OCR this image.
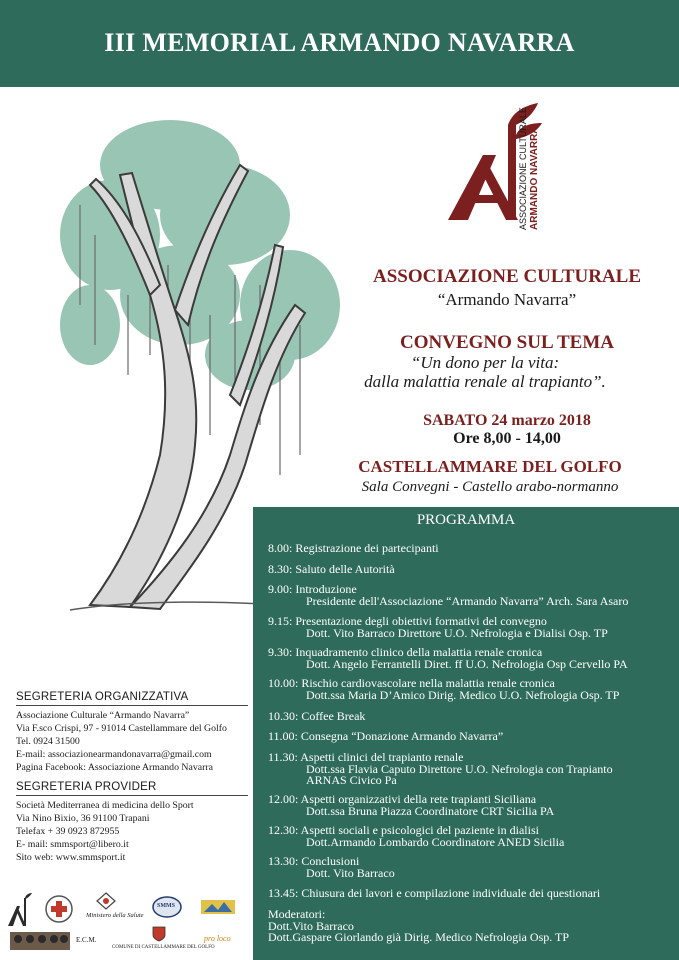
III MEMORIAL ARMANDO NAVARRA
ASSOCIAZIONE CULTURALE ARMANDO NAVARRA
ASSOCIAZIONE CULTURALE
“Armando Navarra”
CONVEGNO SUL TEMA
“Un dono per la vita:
dalla malattia renale al trapianto”.
SABATO 24 marzo 2018
Ore 8,00 - 14,00
CASTELLAMMARE DEL GOLFO
Sala Convegni - Castello arabo-normanno
PROGRAMMA
8.00: Registrazione dei partecipanti
8.30: Saluto delle Autorità
9.00: Introduzione
Presidente dell'Associazione “Armando Navarra” Arch. Sara Asaro
9.15: Presentazione degli obiettivi formativi del convegno
Dott. Vito Barraco Direttore U.O. Nefrologia e Dialisi Osp. TP
9.30: Inquadramento clinico della malattia renale cronica
Dott. Angelo Ferrantelli Diret. ff U.O. Nefrologia Osp Cervello PA
10.00: Rischio cardiovascolare nella malattia renale cronica
Dott.ssa Maria D’Amico Dirig. Medico U.O. Nefrologia Osp. TP
10.30: Coffee Break
11.00: Consegna “Donazione Armando Navarra”
11.30: Aspetti clinici del trapianto renale
Dott.ssa Flavia Caputo Direttore U.O. Nefrologia con Trapianto
ARNAS Civico Pa
12.00: Aspetti organizzativi della rete trapianti Siciliana
Dott.ssa Bruna Piazza Coordinatore CRT Sicilia PA
12.30: Aspetti sociali e psicologici del paziente in dialisi
Dott.Armando Lombardo Coordinatore ANED Sicilia
13.30: Conclusioni
Dott. Vito Barraco
13.45: Chiusura dei lavori e compilazione individuale dei questionari
Moderatori:
Dott.Vito Barraco
Dott.Gaspare Giorlando già Dirig. Medico Nefrologia Osp. TP
SEGRETERIA ORGANIZZATIVA
Associazione Culturale “Armando Navarra”
Via F.sco Crispi, 97 - 91014 Castellammare del Golfo
Tel. 0924 31500
E-mail: associazionearmandonavarra@gmail.com
Pagina Facebook: Associazione Armando Navarra
SEGRETERIA PROVIDER
Società Mediterranea di medicina dello Sport
Via Nino Bixio, 36 91100 Trapani
Telefax + 39 0923 872955
E- mail: smmsport@libero.it
Sito web: www.smmsport.it
Ministero della Salute
SMMS
E.C.M.
COMUNE DI CASTELLAMMARE DEL GOLFO
pro loco
